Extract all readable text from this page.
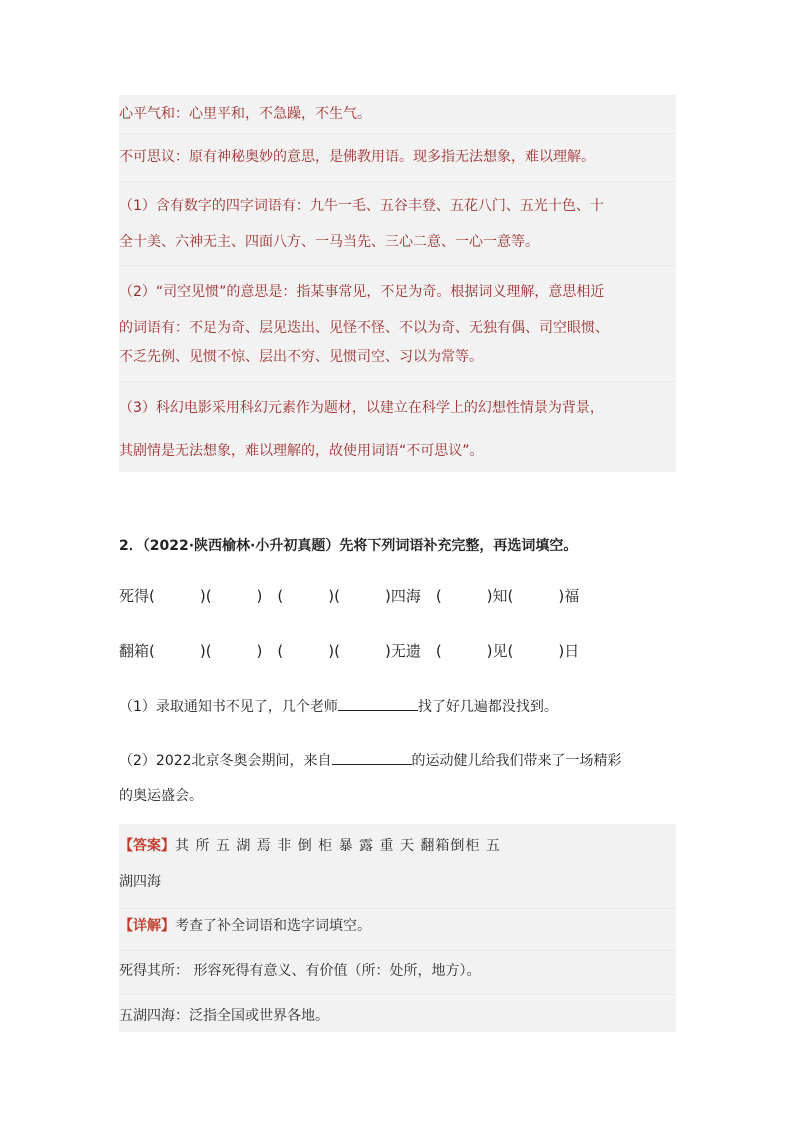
心平气和：心里平和，不急躁，不生气。
不可思议：原有神秘奥妙的意思，是佛教用语。现多指无法想象，难以理解。
（1）含有数字的四字词语有：九牛一毛、五谷丰登、五花八门、五光十色、十
全十美、六神无主、四面八方、一马当先、三心二意、一心一意等。
（2）“司空见惯”的意思是：指某事常见，不足为奇。根据词义理解，意思相近
的词语有：不足为奇、层见迭出、见怪不怪、不以为奇、无独有偶、司空眼惯、
不乏先例、见惯不惊、层出不穷、见惯司空、习以为常等。
（3）科幻电影采用科幻元素作为题材，以建立在科学上的幻想性情景为背景，
其剧情是无法想象，难以理解的，故使用词语“不可思议”。
2．（2022·陕西榆林·小升初真题）先将下列词语补充完整，再选词填空。
死得(　　　)(　　　)　(　　　)(　　　)四海　(　　　)知(　　　)福
翻箱(　　　)(　　　)　(　　　)(　　　)无遗　(　　　)见(　　　)日
（1）录取通知书不见了，几个老师	找了好几遍都没找到。
（2）2022北京冬奥会期间，来自	的运动健儿给我们带来了一场精彩
的奥运盛会。
【答案】其 所 五 湖 焉 非 倒 柜 暴 露 重 天 翻箱倒柜 五
湖四海
【详解】考查了补全词语和选字词填空。
死得其所： 形容死得有意义、有价值（所：处所，地方）。
五湖四海：泛指全国或世界各地。
